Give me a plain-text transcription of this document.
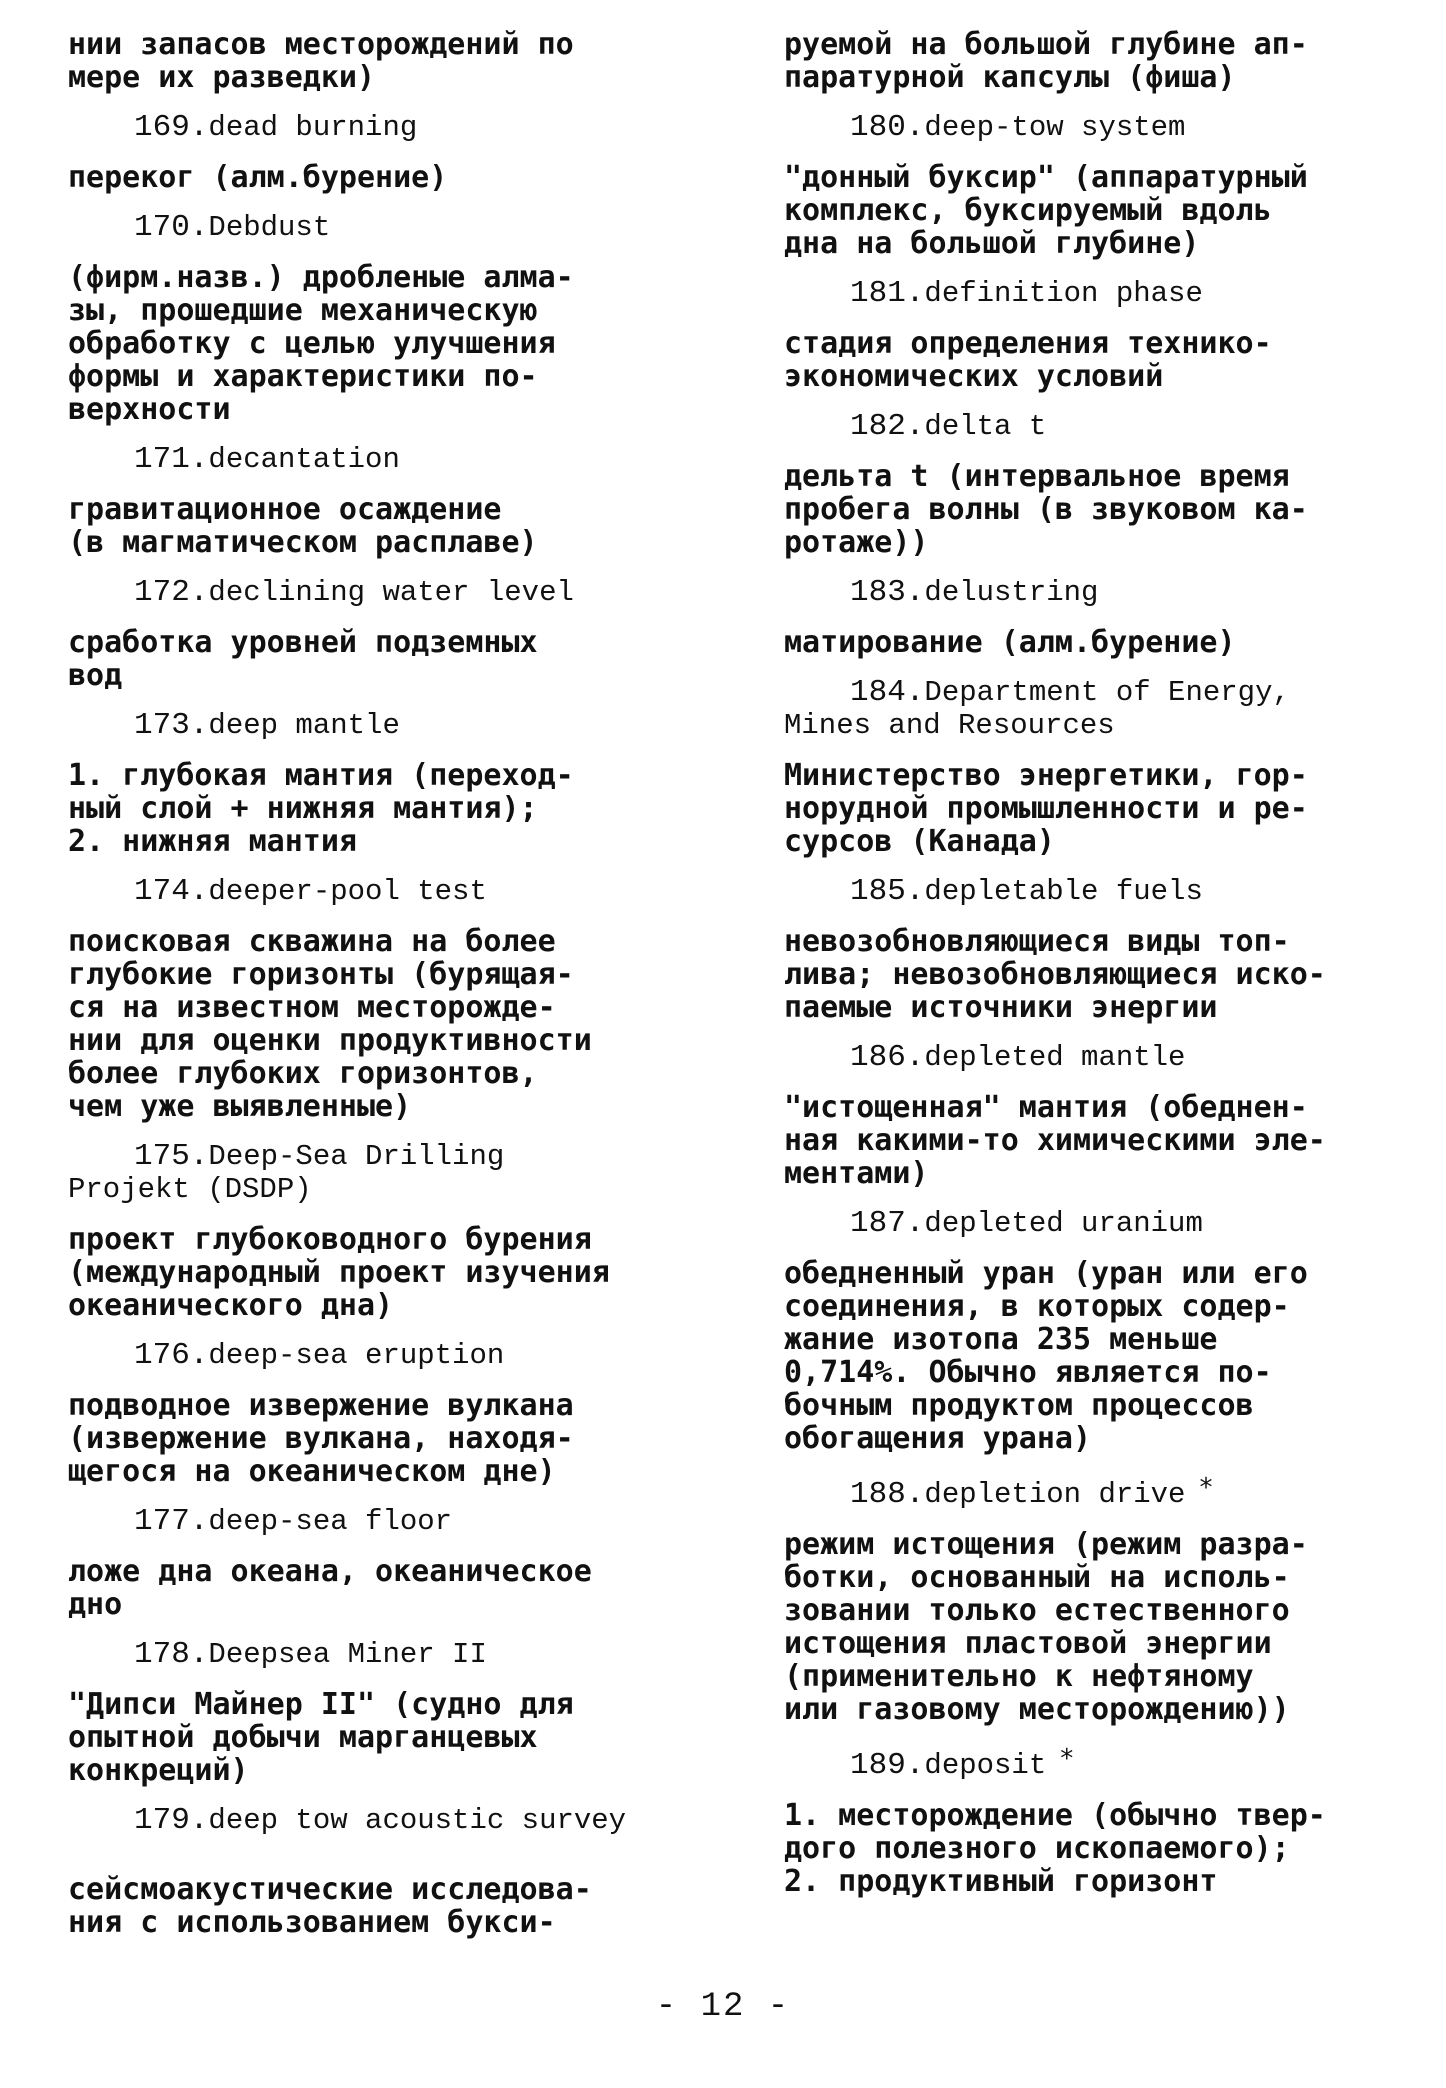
нии запасов месторождений по
мере их разведки)

169.dead burning

переког (алм.бурение)

170.Debdust

(фирм.назв.) дробленые алма-
зы, прошедшие механическую
обработку с целью улучшения
формы и характеристики по-
верхности

171.decantation

гравитационное осаждение
(в магматическом расплаве)

172.declining water level

сработка уровней подземных
вод

173.deep mantle

1. глубокая мантия (переход-
ный слой + нижняя мантия);
2. нижняя мантия

174.deeper-pool test

поисковая скважина на более
глубокие горизонты (бурящая-
ся на известном месторожде-
нии для оценки продуктивности
более глубоких горизонтов,
чем уже выявленные)

175.Deep-Sea Drilling
Projekt (DSDP)

проект глубоководного бурения
(международный проект изучения
океанического дна)

176.deep-sea eruption

подводное извержение вулкана
(извержение вулкана, находя-
щегося на океаническом дне)

177.deep-sea floor

ложе дна океана, океаническое
дно

178.Deepsea Miner II

"Дипси Майнер II" (судно для
опытной добычи марганцевых
конкреций)

179.deep tow acoustic survey

сейсмоакустические исследова-
ния с использованием букси-

руемой на большой глубине ап-
паратурной капсулы (фиша)

180.deep-tow system

"донный буксир" (аппаратурный
комплекс, буксируемый вдоль
дна на большой глубине)

181.definition phase

стадия определения технико-
экономических условий

182.delta t

дельта t (интервальное время
пробега волны (в звуковом ка-
ротаже))

183.delustring

матирование (алм.бурение)

184.Department of Energy,
Mines and Resources

Министерство энергетики, гор-
норудной промышленности и ре-
сурсов (Канада)

185.depletable fuels

невозобновляющиеся виды топ-
лива; невозобновляющиеся иско-
паемые источники энергии

186.depleted mantle

"истощенная" мантия (обеднен-
ная какими-то химическими эле-
ментами)

187.depleted uranium

обедненный уран (уран или его
соединения, в которых содер-
жание изотопа 235 меньше
0,714%. Обычно является по-
бочным продуктом процессов
обогащения урана)

188.depletion drive *

режим истощения (режим разра-
ботки, основанный на исполь-
зовании только естественного
истощения пластовой энергии
(применительно к нефтяному
или газовому месторождению))

189.deposit *

1. месторождение (обычно твер-
дого полезного ископаемого);
2. продуктивный горизонт

- 12 -
